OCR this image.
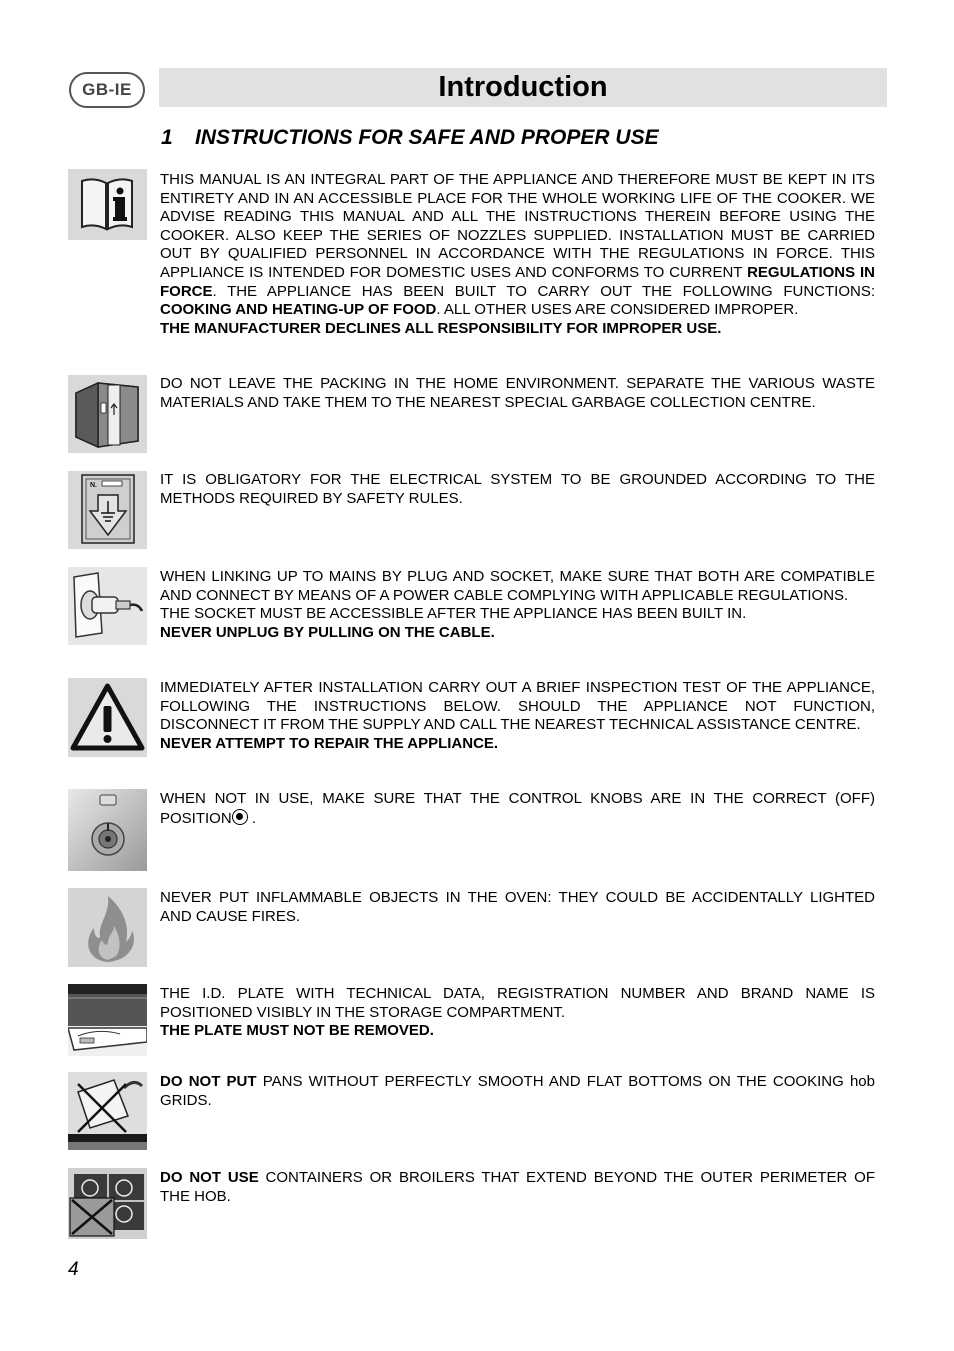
GB-IE	Introduction
1 INSTRUCTIONS FOR SAFE AND PROPER USE
THIS MANUAL IS AN INTEGRAL PART OF THE APPLIANCE AND THEREFORE MUST BE KEPT IN ITS ENTIRETY AND IN AN ACCESSIBLE PLACE FOR THE WHOLE WORKING LIFE OF THE COOKER. WE ADVISE READING THIS MANUAL AND ALL THE INSTRUCTIONS THEREIN BEFORE USING THE COOKER. ALSO KEEP THE SERIES OF NOZZLES SUPPLIED. INSTALLATION MUST BE CARRIED OUT BY QUALIFIED PERSONNEL IN ACCORDANCE WITH THE REGULATIONS IN FORCE. THIS APPLIANCE IS INTENDED FOR DOMESTIC USES AND CONFORMS TO CURRENT REGULATIONS IN FORCE. THE APPLIANCE HAS BEEN BUILT TO CARRY OUT THE FOLLOWING FUNCTIONS: COOKING AND HEATING-UP OF FOOD. ALL OTHER USES ARE CONSIDERED IMPROPER.
THE MANUFACTURER DECLINES ALL RESPONSIBILITY FOR IMPROPER USE.
DO NOT LEAVE THE PACKING IN THE HOME ENVIRONMENT. SEPARATE THE VARIOUS WASTE MATERIALS AND TAKE THEM TO THE NEAREST SPECIAL GARBAGE COLLECTION CENTRE.
N.	IT IS OBLIGATORY FOR THE ELECTRICAL SYSTEM TO BE GROUNDED ACCORDING TO THE METHODS REQUIRED BY SAFETY RULES.
WHEN LINKING UP TO MAINS BY PLUG AND SOCKET, MAKE SURE THAT BOTH ARE COMPATIBLE AND CONNECT BY MEANS OF A POWER CABLE COMPLYING WITH APPLICABLE REGULATIONS.
THE SOCKET MUST BE ACCESSIBLE AFTER THE APPLIANCE HAS BEEN BUILT IN.
NEVER UNPLUG BY PULLING ON THE CABLE.
IMMEDIATELY AFTER INSTALLATION CARRY OUT A BRIEF INSPECTION TEST OF THE APPLIANCE, FOLLOWING THE INSTRUCTIONS BELOW. SHOULD THE APPLIANCE NOT FUNCTION, DISCONNECT IT FROM THE SUPPLY AND CALL THE NEAREST TECHNICAL ASSISTANCE CENTRE.
NEVER ATTEMPT TO REPAIR THE APPLIANCE.
WHEN NOT IN USE, MAKE SURE THAT THE CONTROL KNOBS ARE IN THE CORRECT (OFF) POSITION .
NEVER PUT INFLAMMABLE OBJECTS IN THE OVEN: THEY COULD BE ACCIDENTALLY LIGHTED AND CAUSE FIRES.
THE I.D. PLATE WITH TECHNICAL DATA, REGISTRATION NUMBER AND BRAND NAME IS POSITIONED VISIBLY IN THE STORAGE COMPARTMENT.
THE PLATE MUST NOT BE REMOVED.
DO NOT PUT PANS WITHOUT PERFECTLY SMOOTH AND FLAT BOTTOMS ON THE COOKING hob GRIDS.
DO NOT USE CONTAINERS OR BROILERS THAT EXTEND BEYOND THE OUTER PERIMETER OF THE HOB.
4
